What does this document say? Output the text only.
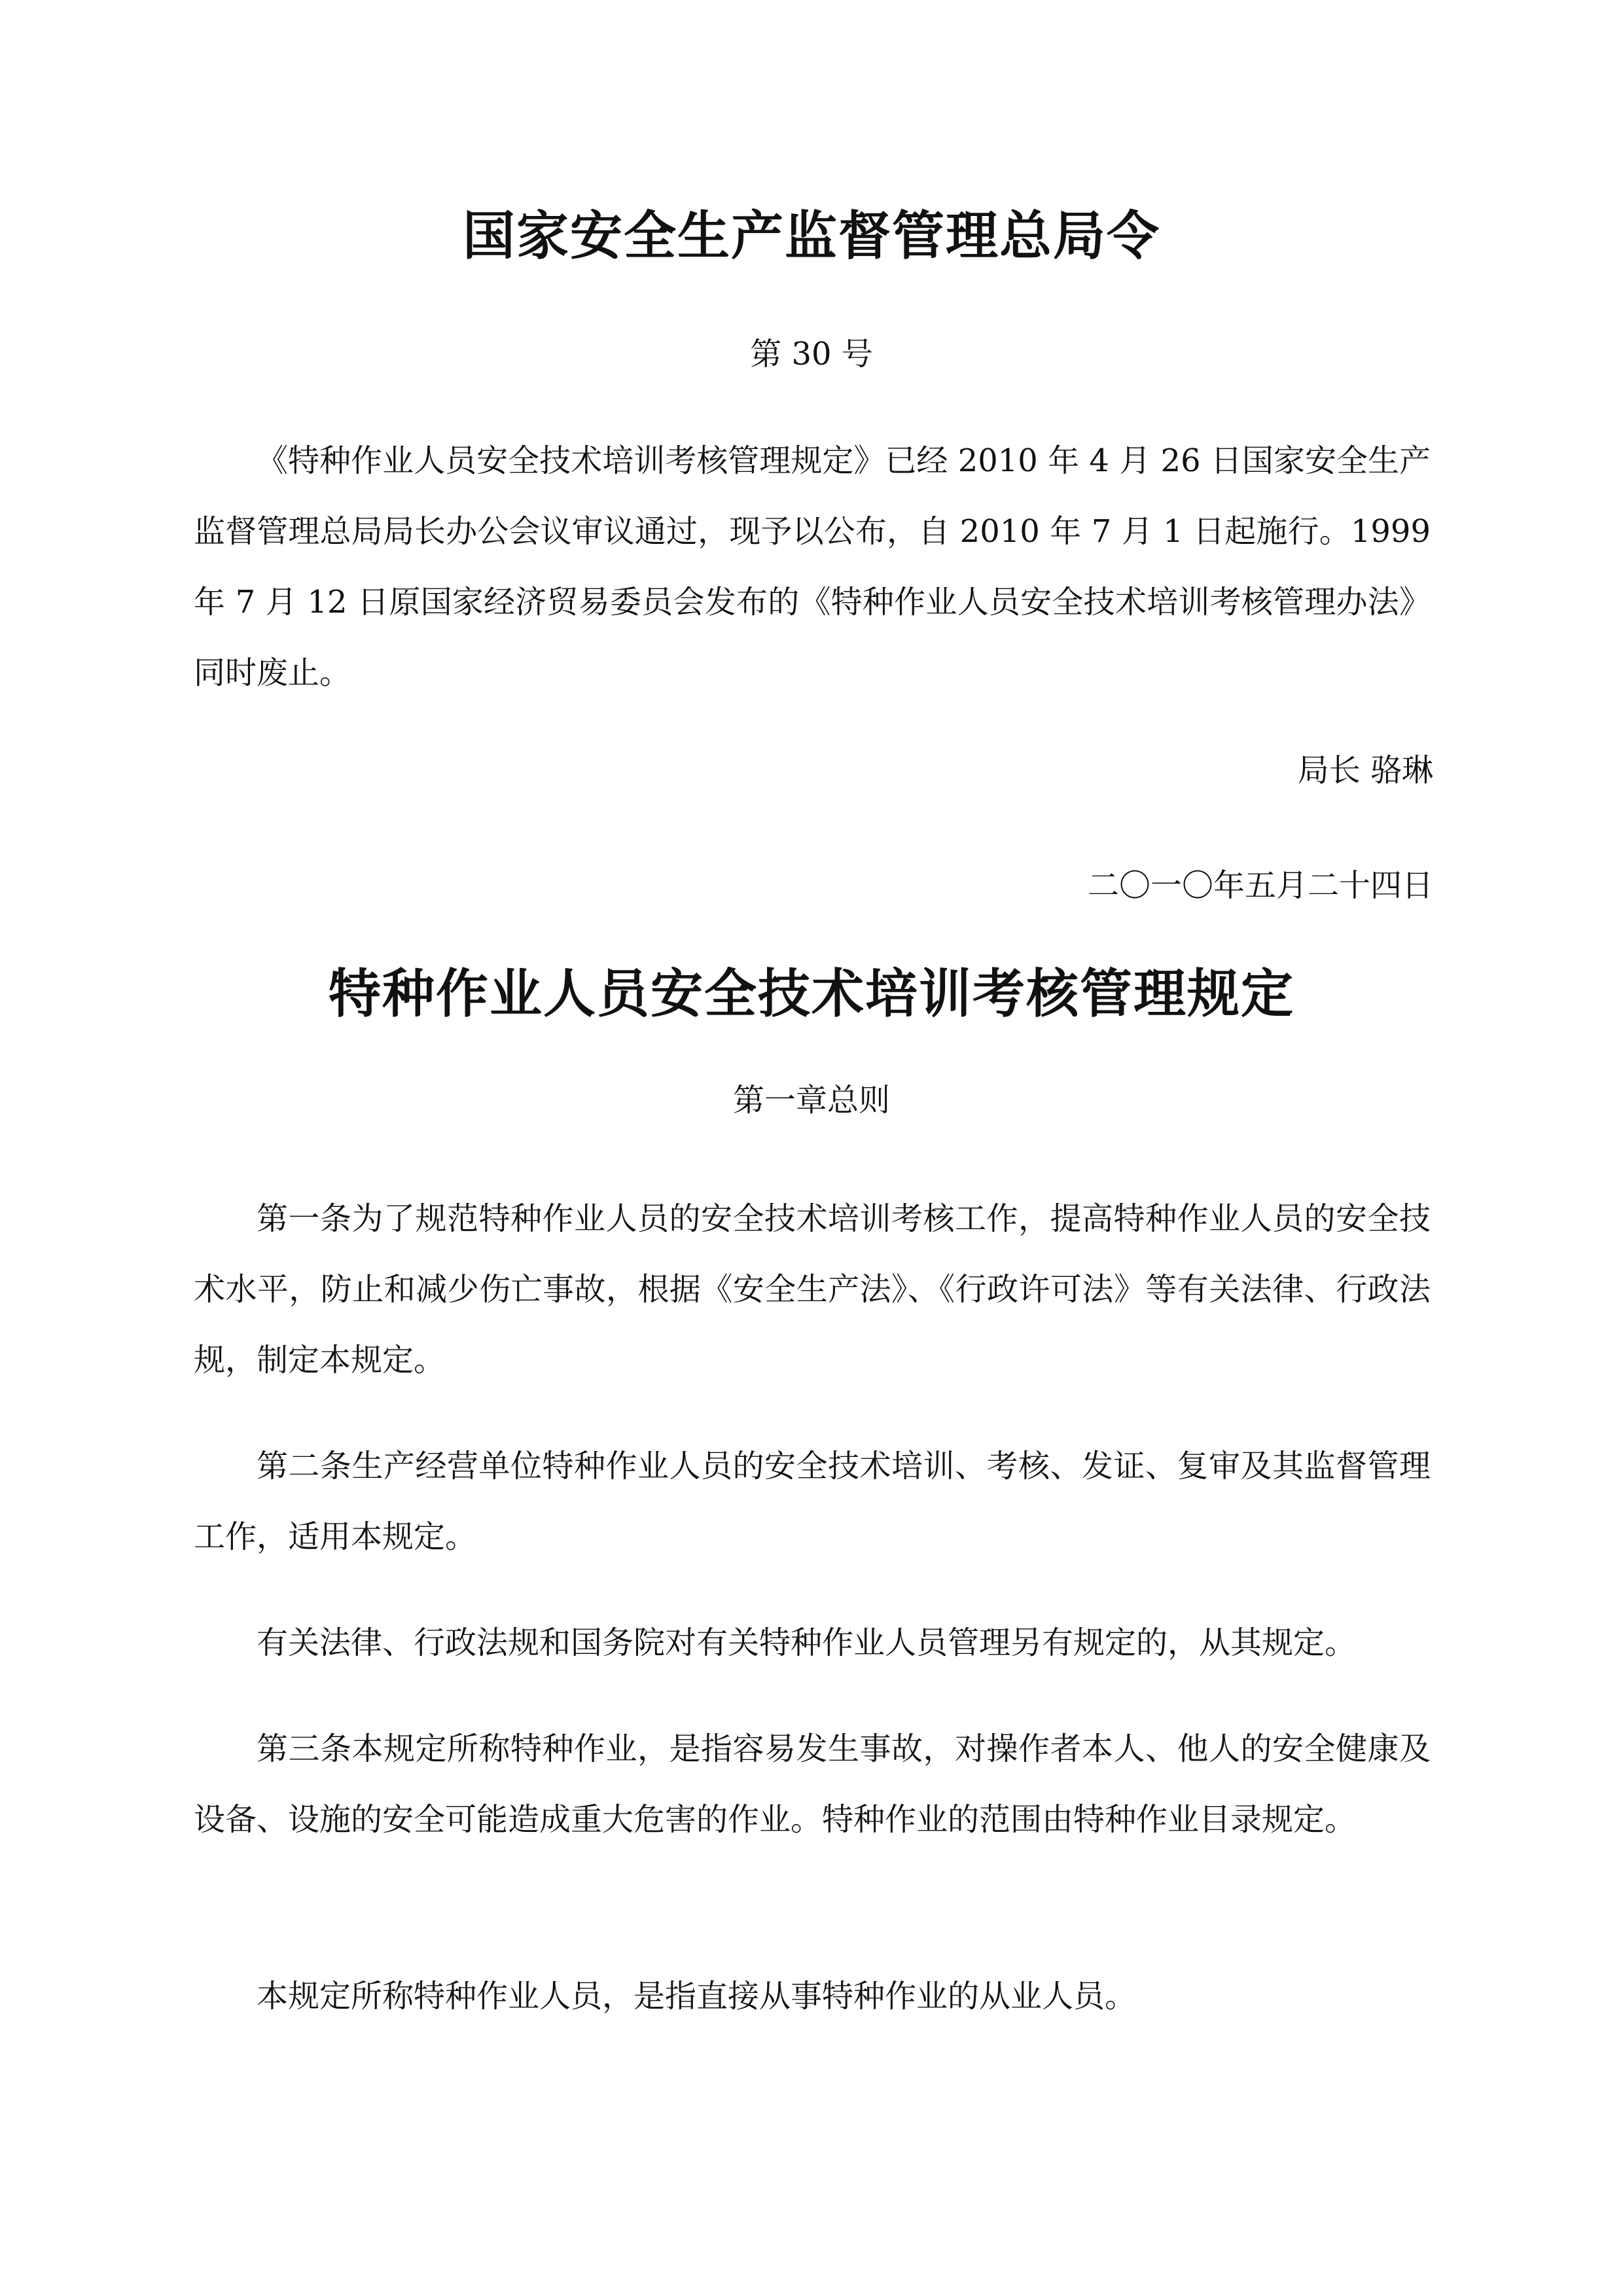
国家安全生产监督管理总局令

第 30 号

《特种作业人员安全技术培训考核管理规定》已经 2010 年 4 月 26 日国家安全生产监督管理总局局长办公会议审议通过，现予以公布，自 2010 年 7 月 1 日起施行。1999 年 7 月 12 日原国家经济贸易委员会发布的《特种作业人员安全技术培训考核管理办法》同时废止。

局长 骆琳

二〇一〇年五月二十四日

特种作业人员安全技术培训考核管理规定

第一章总则

第一条为了规范特种作业人员的安全技术培训考核工作，提高特种作业人员的安全技术水平，防止和减少伤亡事故，根据《安全生产法》、《行政许可法》等有关法律、行政法规，制定本规定。

第二条生产经营单位特种作业人员的安全技术培训、考核、发证、复审及其监督管理工作，适用本规定。

有关法律、行政法规和国务院对有关特种作业人员管理另有规定的，从其规定。

第三条本规定所称特种作业，是指容易发生事故，对操作者本人、他人的安全健康及设备、设施的安全可能造成重大危害的作业。特种作业的范围由特种作业目录规定。

本规定所称特种作业人员，是指直接从事特种作业的从业人员。
